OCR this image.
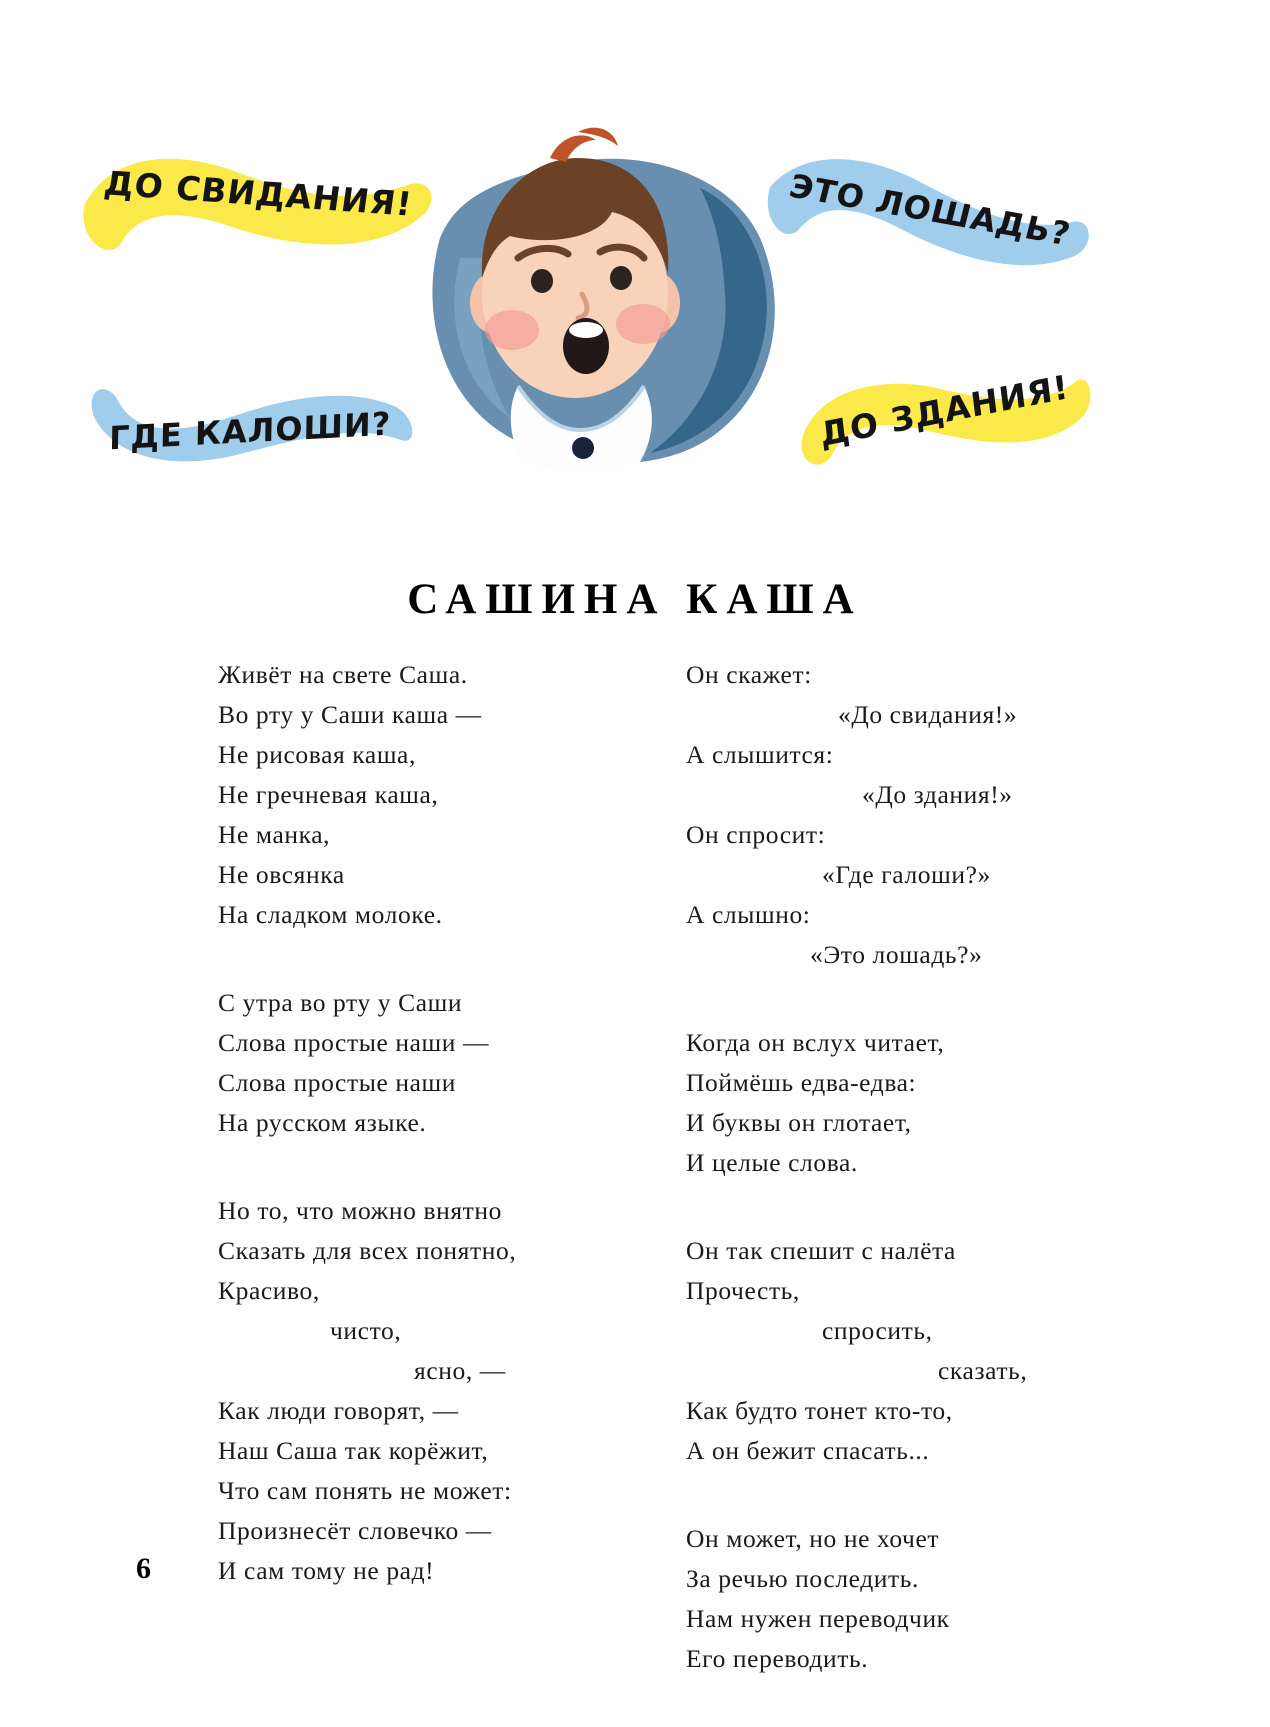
ДО СВИДАНИЯ!
ГДЕ КАЛОШИ?
ЭТО ЛОШАДЬ?
ДО ЗДАНИЯ!
САШИНА КАША
Живёт на свете Саша.
Во рту у Саши каша —
Не рисовая каша,
Не гречневая каша,
Не манка,
Не овсянка
На сладком молоке.
С утра во рту у Саши
Слова простые наши —
Слова простые наши
На русском языке.
Но то, что можно внятно
Сказать для всех понятно,
Красиво,
чисто,
ясно, —
Как люди говорят, —
Наш Саша так корёжит,
Что сам понять не может:
Произнесёт словечко —
И сам тому не рад!
Он скажет:
«До свидания!»
А слышится:
«До здания!»
Он спросит:
«Где галоши?»
А слышно:
«Это лошадь?»
Когда он вслух читает,
Поймёшь едва-едва:
И буквы он глотает,
И целые слова.
Он так спешит с налёта
Прочесть,
спросить,
сказать,
Как будто тонет кто-то,
А он бежит спасать...
Он может, но не хочет
За речью последить.
Нам нужен переводчик
Его переводить.
6
